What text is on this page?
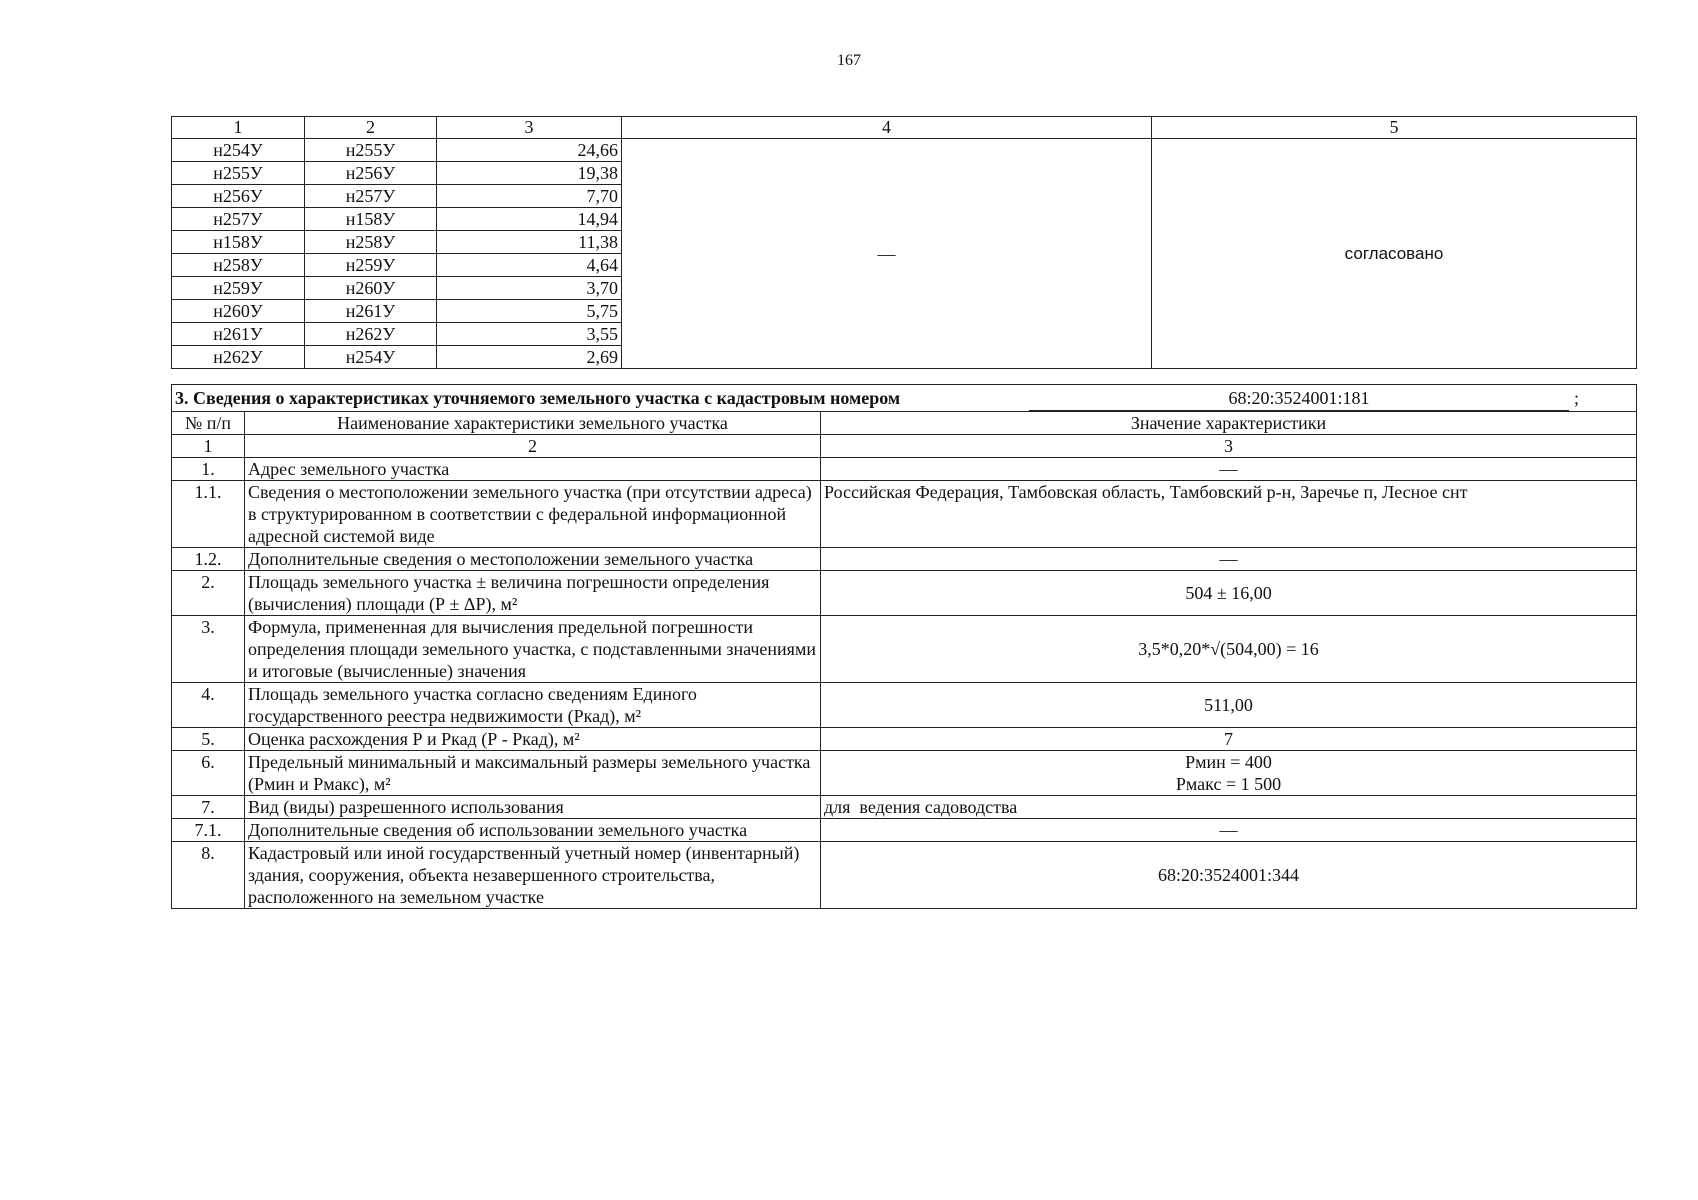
167
1	2	3	4	5
н254У	н255У	24,66	—	согласовано
н255У	н256У	19,38		
н256У	н257У	7,70		
н257У	н158У	14,94		
н158У	н258У	11,38		
н258У	н259У	4,64		
н259У	н260У	3,70		
н260У	н261У	5,75		
н261У	н262У	3,55		
н262У	н254У	2,69		
3. Сведения о характеристиках уточняемого земельного участка с кадастровым номером 68:20:3524001:181 ;		

№ п/п	Наименование характеристики земельного участка	Значение характеристики
1	2	3
1.	Адрес земельного участка	—
1.1.	Сведения о местоположении земельного участка (при отсутствии адреса) в структурированном в соответствии с федеральной информационной адресной системой виде	Российская Федерация, Тамбовская область, Тамбовский р-н, Заречье п, Лесное снт
1.2.	Дополнительные сведения о местоположении земельного участка	—
2.	Площадь земельного участка ± величина погрешности определения (вычисления) площади (Р ± ΔР), м²	504 ± 16,00
3.	Формула, примененная для вычисления предельной погрешности определения площади земельного участка, с подставленными значениями и итоговые (вычисленные) значения	3,5*0,20*√(504,00) = 16
4.	Площадь земельного участка согласно сведениям Единого государственного реестра недвижимости (Ркад), м²	511,00
5.	Оценка расхождения Р и Ркад (Р - Ркад), м²	7
6.	Предельный минимальный и максимальный размеры земельного участка (Рмин и Рмакс), м²	Рмин = 400
Рмакс = 1 500

7.	Вид (виды) разрешенного использования	для  ведения садоводства
7.1.	Дополнительные сведения об использовании земельного участка	—
8.	Кадастровый или иной государственный учетный номер (инвентарный) здания, сооружения, объекта незавершенного строительства, расположенного на земельном участке	68:20:3524001:344
